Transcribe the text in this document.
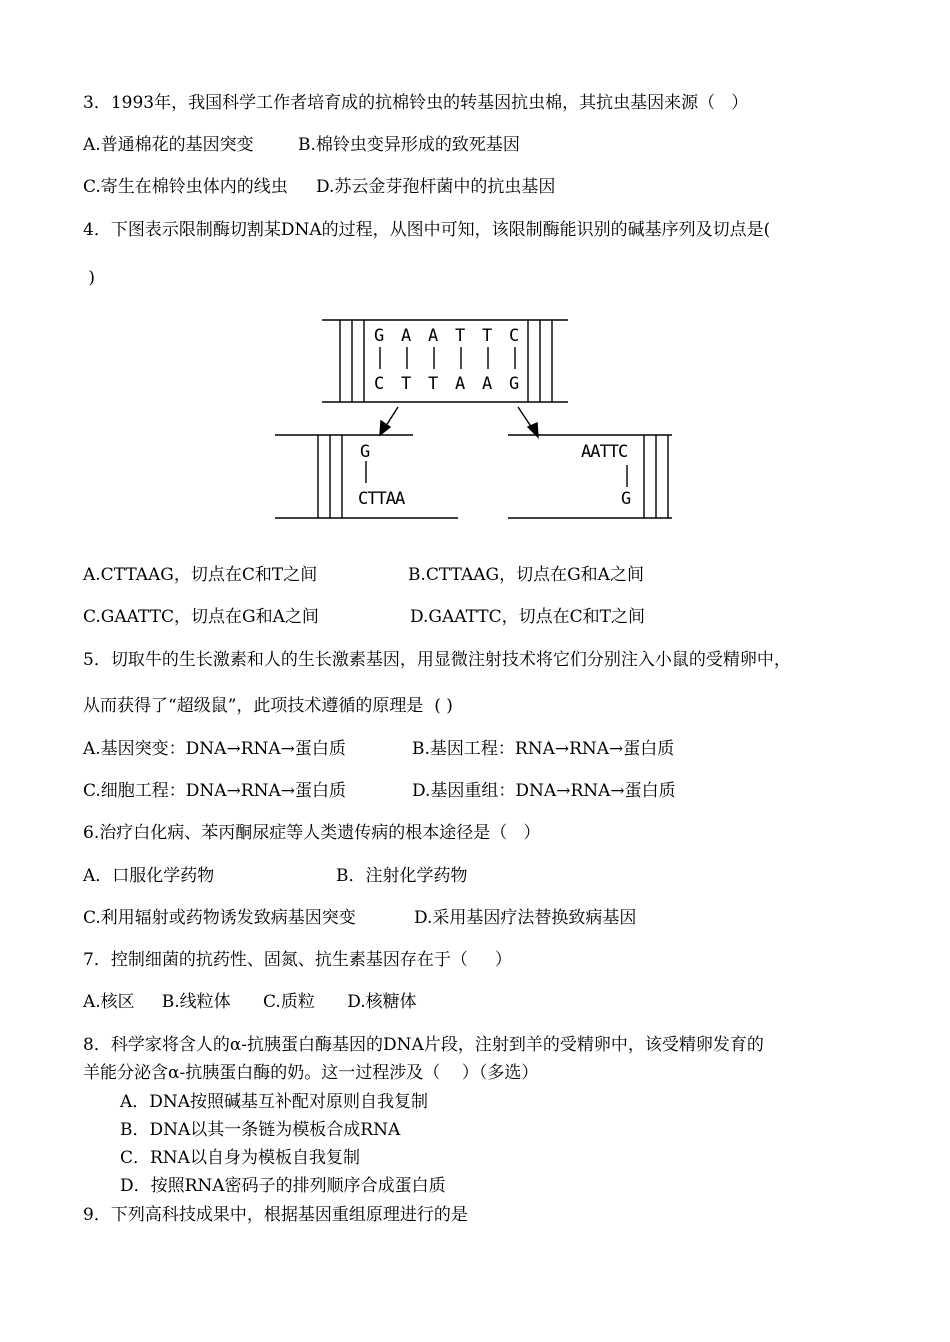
3．1993年，我国科学工作者培育成的抗棉铃虫的转基因抗虫棉，其抗虫基因来源（   ）
A.普通棉花的基因突变	B.棉铃虫变异形成的致死基因
C.寄生在棉铃虫体内的线虫 D.苏云金芽孢杆菌中的抗虫基因
4．下图表示限制酶切割某DNA的过程，从图中可知，该限制酶能识别的碱基序列及切点是(
)
G A A T T C
C T T A A G
G
CTTAA
AATTC
G
A.CTTAAG，切点在C和T之间	B.CTTAAG，切点在G和A之间
C.GAATTC，切点在G和A之间	D.GAATTC，切点在C和T之间
5．切取牛的生长激素和人的生长激素基因，用显微注射技术将它们分别注入小鼠的受精卵中，
从而获得了“超级鼠”，此项技术遵循的原理是  ( )
A.基因突变：DNA→RNA→蛋白质	B.基因工程：RNA→RNA→蛋白质
C.细胞工程：DNA→RNA→蛋白质	D.基因重组：DNA→RNA→蛋白质
6.治疗白化病、苯丙酮尿症等人类遗传病的根本途径是（   ）
A．口服化学药物	B．注射化学药物
C.利用辐射或药物诱发致病基因突变	D.采用基因疗法替换致病基因
7．控制细菌的抗药性、固氮、抗生素基因存在于（     ）
A.核区     B.线粒体      C.质粒      D.核糖体
8．科学家将含人的α-抗胰蛋白酶基因的DNA片段，注射到羊的受精卵中，该受精卵发育的
羊能分泌含α-抗胰蛋白酶的奶。这一过程涉及（    ）（多选）
A．DNA按照碱基互补配对原则自我复制
B．DNA以其一条链为模板合成RNA
C．RNA以自身为模板自我复制
D．按照RNA密码子的排列顺序合成蛋白质
9．下列高科技成果中，根据基因重组原理进行的是
